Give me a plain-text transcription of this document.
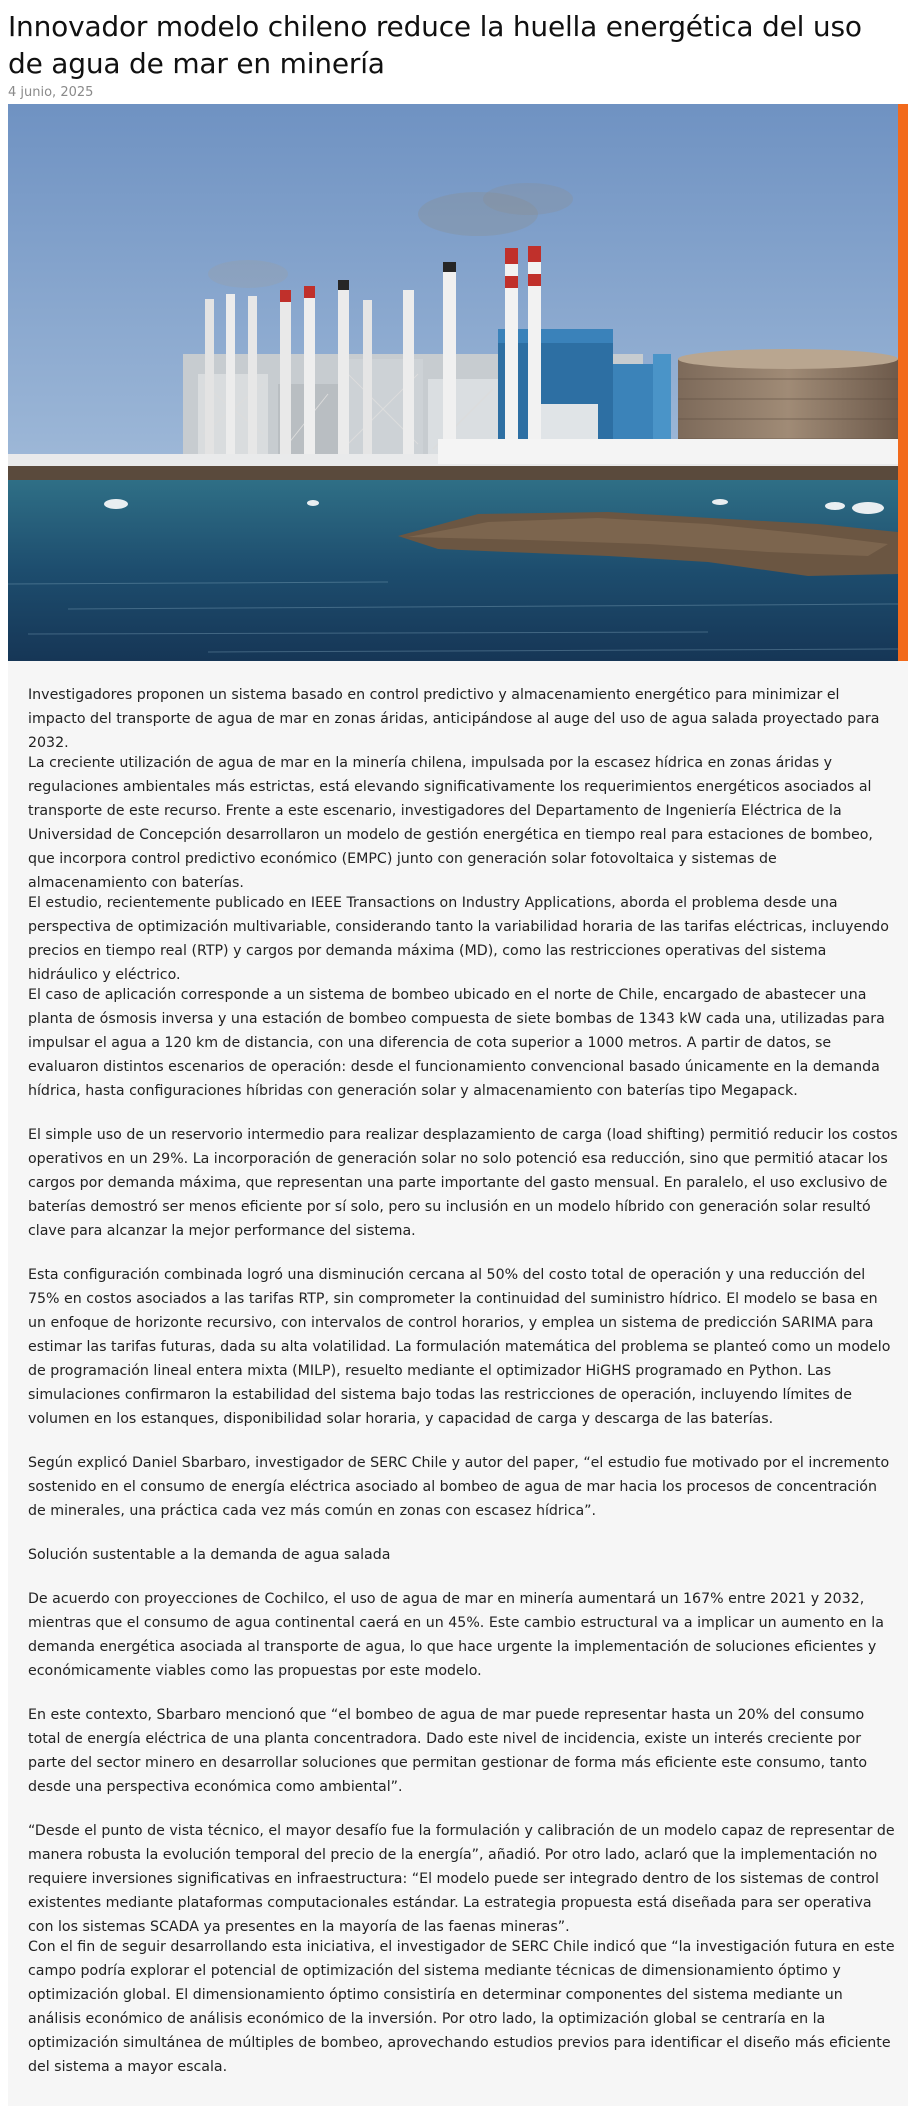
Innovador modelo chileno reduce la huella energética del uso de agua de mar en minería
4 junio, 2025

Investigadores proponen un sistema basado en control predictivo y almacenamiento energético para minimizar el impacto del transporte de agua de mar en zonas áridas, anticipándose al auge del uso de agua salada proyectado para 2032.

La creciente utilización de agua de mar en la minería chilena, impulsada por la escasez hídrica en zonas áridas y regulaciones ambientales más estrictas, está elevando significativamente los requerimientos energéticos asociados al transporte de este recurso. Frente a este escenario, investigadores del Departamento de Ingeniería Eléctrica de la Universidad de Concepción desarrollaron un modelo de gestión energética en tiempo real para estaciones de bombeo, que incorpora control predictivo económico (EMPC) junto con generación solar fotovoltaica y sistemas de almacenamiento con baterías.

El estudio, recientemente publicado en IEEE Transactions on Industry Applications, aborda el problema desde una perspectiva de optimización multivariable, considerando tanto la variabilidad horaria de las tarifas eléctricas, incluyendo precios en tiempo real (RTP) y cargos por demanda máxima (MD), como las restricciones operativas del sistema hidráulico y eléctrico.

El caso de aplicación corresponde a un sistema de bombeo ubicado en el norte de Chile, encargado de abastecer una planta de ósmosis inversa y una estación de bombeo compuesta de siete bombas de 1343 kW cada una, utilizadas para impulsar el agua a 120 km de distancia, con una diferencia de cota superior a 1000 metros. A partir de datos, se evaluaron distintos escenarios de operación: desde el funcionamiento convencional basado únicamente en la demanda hídrica, hasta configuraciones híbridas con generación solar y almacenamiento con baterías tipo Megapack.

El simple uso de un reservorio intermedio para realizar desplazamiento de carga (load shifting) permitió reducir los costos operativos en un 29%. La incorporación de generación solar no solo potenció esa reducción, sino que permitió atacar los cargos por demanda máxima, que representan una parte importante del gasto mensual. En paralelo, el uso exclusivo de baterías demostró ser menos eficiente por sí solo, pero su inclusión en un modelo híbrido con generación solar resultó clave para alcanzar la mejor performance del sistema.

Esta configuración combinada logró una disminución cercana al 50% del costo total de operación y una reducción del 75% en costos asociados a las tarifas RTP, sin comprometer la continuidad del suministro hídrico. El modelo se basa en un enfoque de horizonte recursivo, con intervalos de control horarios, y emplea un sistema de predicción SARIMA para estimar las tarifas futuras, dada su alta volatilidad. La formulación matemática del problema se planteó como un modelo de programación lineal entera mixta (MILP), resuelto mediante el optimizador HiGHS programado en Python. Las simulaciones confirmaron la estabilidad del sistema bajo todas las restricciones de operación, incluyendo límites de volumen en los estanques, disponibilidad solar horaria, y capacidad de carga y descarga de las baterías.

Según explicó Daniel Sbarbaro, investigador de SERC Chile y autor del paper, “el estudio fue motivado por el incremento sostenido en el consumo de energía eléctrica asociado al bombeo de agua de mar hacia los procesos de concentración de minerales, una práctica cada vez más común en zonas con escasez hídrica”.

Solución sustentable a la demanda de agua salada

De acuerdo con proyecciones de Cochilco, el uso de agua de mar en minería aumentará un 167% entre 2021 y 2032, mientras que el consumo de agua continental caerá en un 45%. Este cambio estructural va a implicar un aumento en la demanda energética asociada al transporte de agua, lo que hace urgente la implementación de soluciones eficientes y económicamente viables como las propuestas por este modelo.

En este contexto, Sbarbaro mencionó que “el bombeo de agua de mar puede representar hasta un 20% del consumo total de energía eléctrica de una planta concentradora. Dado este nivel de incidencia, existe un interés creciente por parte del sector minero en desarrollar soluciones que permitan gestionar de forma más eficiente este consumo, tanto desde una perspectiva económica como ambiental”.

“Desde el punto de vista técnico, el mayor desafío fue la formulación y calibración de un modelo capaz de representar de manera robusta la evolución temporal del precio de la energía”, añadió. Por otro lado, aclaró que la implementación no requiere inversiones significativas en infraestructura: “El modelo puede ser integrado dentro de los sistemas de control existentes mediante plataformas computacionales estándar. La estrategia propuesta está diseñada para ser operativa con los sistemas SCADA ya presentes en la mayoría de las faenas mineras”.

Con el fin de seguir desarrollando esta iniciativa, el investigador de SERC Chile indicó que “la investigación futura en este campo podría explorar el potencial de optimización del sistema mediante técnicas de dimensionamiento óptimo y optimización global. El dimensionamiento óptimo consistiría en determinar componentes del sistema mediante un análisis económico de análisis económico de la inversión. Por otro lado, la optimización global se centraría en la optimización simultánea de múltiples de bombeo, aprovechando estudios previos para identificar el diseño más eficiente del sistema a mayor escala.
